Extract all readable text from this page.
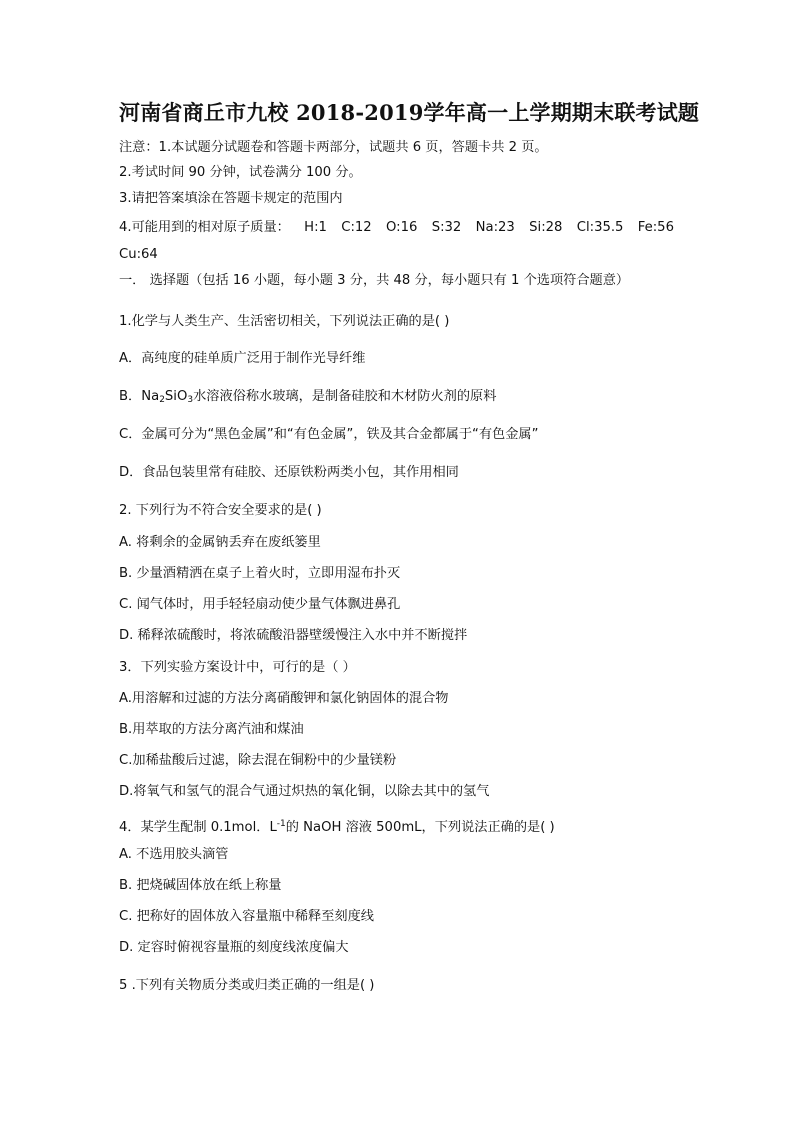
河南省商丘市九校 2018-2019学年高一上学期期末联考试题
注意：1.本试题分试题卷和答题卡两部分，试题共 6 页，答题卡共 2 页。
2.考试时间 90 分钟，试卷满分 100 分。
3.请把答案填涂在答题卡规定的范围内
4.可能用到的相对原子质量： H:1 C:12 O:16 S:32 Na:23 Si:28 Cl:35.5 Fe:56
Cu:64
一． 选择题（包括 16 小题，每小题 3 分，共 48 分，每小题只有 1 个选项符合题意）
1.化学与人类生产、生活密切相关，下列说法正确的是( )
A．高纯度的硅单质广泛用于制作光导纤维
B．$Na_2SiO_3$水溶液俗称水玻璃，是制备硅胶和木材防火剂的原料
C．金属可分为“黑色金属”和“有色金属”，铁及其合金都属于“有色金属”
D．食品包装里常有硅胶、还原铁粉两类小包，其作用相同
2. 下列行为不符合安全要求的是( )
A. 将剩余的金属钠丢弃在废纸篓里
B. 少量酒精洒在桌子上着火时，立即用湿布扑灭
C. 闻气体时，用手轻轻扇动使少量气体飘进鼻孔
D. 稀释浓硫酸时，将浓硫酸沿器壁缓慢注入水中并不断搅拌
3．下列实验方案设计中，可行的是（ ）
A.用溶解和过滤的方法分离硝酸钾和氯化钠固体的混合物
B.用萃取的方法分离汽油和煤油
C.加稀盐酸后过滤，除去混在铜粉中的少量镁粉
D.将氧气和氢气的混合气通过炽热的氧化铜，以除去其中的氢气
4．某学生配制 0.1mol．$L^{-1}$的 NaOH 溶液 500mL，下列说法正确的是( )
A. 不选用胶头滴管
B. 把烧碱固体放在纸上称量
C. 把称好的固体放入容量瓶中稀释至刻度线
D. 定容时俯视容量瓶的刻度线浓度偏大
5 .下列有关物质分类或归类正确的一组是( )
